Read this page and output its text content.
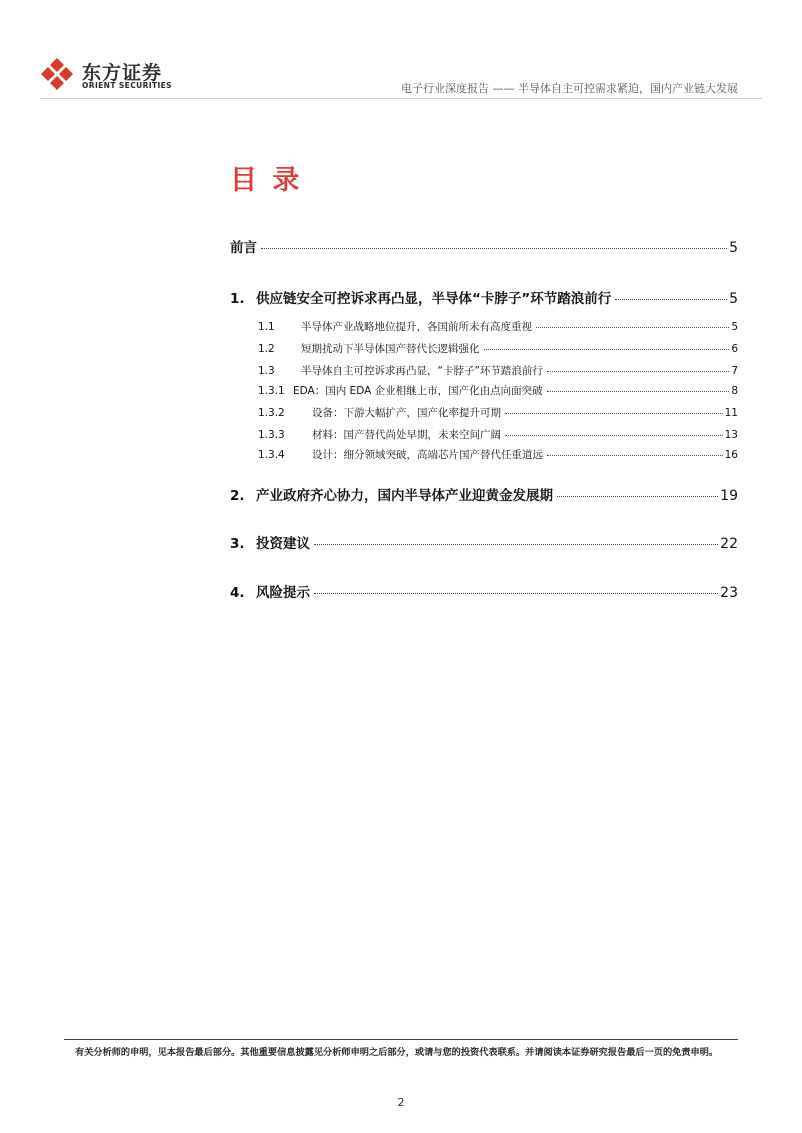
东方证券
ORIENT SECURITIES	电子行业深度报告 —— 半导体自主可控需求紧迫，国内产业链大发展
目 录
前言	5
1. 供应链安全可控诉求再凸显，半导体“卡脖子”环节踏浪前行	5
1.1	半导体产业战略地位提升，各国前所未有高度重视	5
1.2	短期扰动下半导体国产替代长逻辑强化	6
1.3	半导体自主可控诉求再凸显，“卡脖子”环节踏浪前行	7
1.3.1 EDA：国内 EDA 企业相继上市，国产化由点向面突破	8
1.3.2	设备：下游大幅扩产，国产化率提升可期	11
1.3.3	材料：国产替代尚处早期，未来空间广阔	13
1.3.4	设计：细分领域突破，高端芯片国产替代任重道远	16
2. 产业政府齐心协力，国内半导体产业迎黄金发展期	19
3. 投资建议	22
4. 风险提示	23
有关分析师的申明，见本报告最后部分。其他重要信息披露见分析师申明之后部分，或请与您的投资代表联系。并请阅读本证券研究报告最后一页的免责申明。
2
